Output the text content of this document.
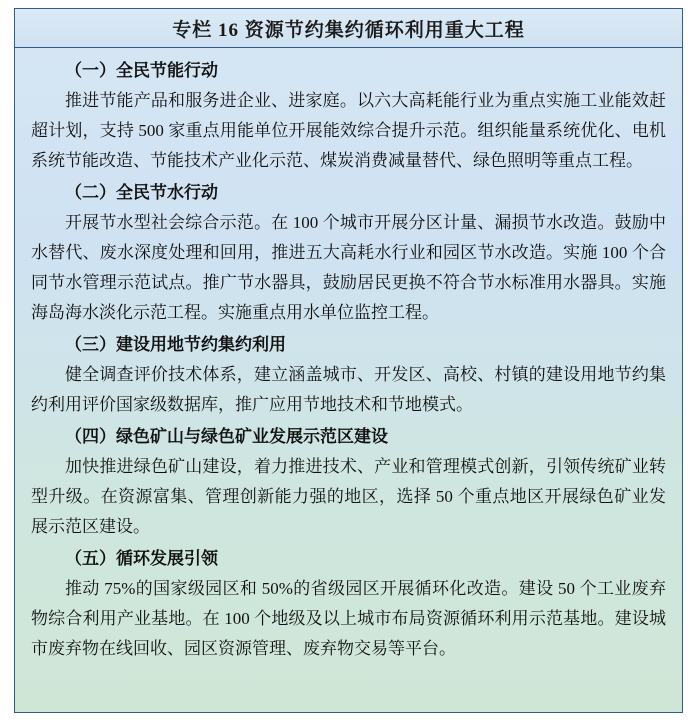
专栏 16 资源节约集约循环利用重大工程

（一）全民节能行动

推进节能产品和服务进企业、进家庭。以六大高耗能行业为重点实施工业能效赶超计划，支持 500 家重点用能单位开展能效综合提升示范。组织能量系统优化、电机系统节能改造、节能技术产业化示范、煤炭消费减量替代、绿色照明等重点工程。

（二）全民节水行动

开展节水型社会综合示范。在 100 个城市开展分区计量、漏损节水改造。鼓励中水替代、废水深度处理和回用，推进五大高耗水行业和园区节水改造。实施 100 个合同节水管理示范试点。推广节水器具，鼓励居民更换不符合节水标准用水器具。实施海岛海水淡化示范工程。实施重点用水单位监控工程。

（三）建设用地节约集约利用

健全调查评价技术体系，建立涵盖城市、开发区、高校、村镇的建设用地节约集约利用评价国家级数据库，推广应用节地技术和节地模式。

（四）绿色矿山与绿色矿业发展示范区建设

加快推进绿色矿山建设，着力推进技术、产业和管理模式创新，引领传统矿业转型升级。在资源富集、管理创新能力强的地区，选择 50 个重点地区开展绿色矿业发展示范区建设。

（五）循环发展引领

推动 75%的国家级园区和 50%的省级园区开展循环化改造。建设 50 个工业废弃物综合利用产业基地。在 100 个地级及以上城市布局资源循环利用示范基地。建设城市废弃物在线回收、园区资源管理、废弃物交易等平台。
